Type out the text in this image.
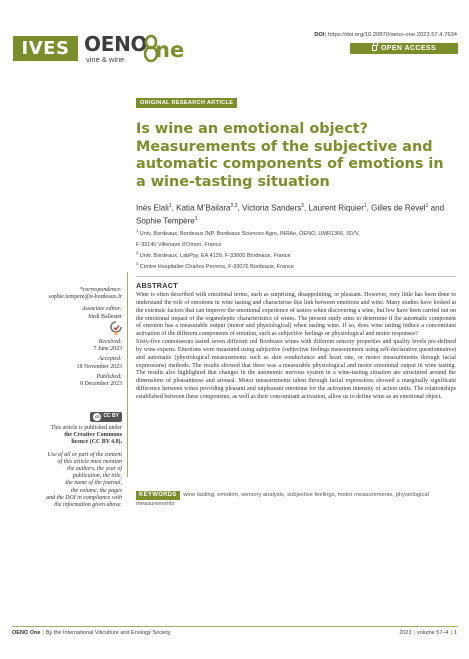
IVES OENO ne
vine & wine
DOI: https://doi.org/10.20870/oeno-one.2023.57.4.7634
OPEN ACCESS
ORIGINAL RESEARCH ARTICLE
Is wine an emotional object? Measurements of the subjective and automatic components of emotions in a wine-tasting situation
Inès Elali$^1$, Katia M’Bailara$^{2,3}$, Victoria Sanders$^2$, Laurent Riquier$^1$, Gilles de Revel$^1$ and Sophie Tempère$^1$
$^1$ Univ. Bordeaux, Bordeaux INP, Bordeaux Sciences Agro, INRAe, OENO, UMR1366, ISVV,
F-33140 Villenave d’Ornon, France
$^2$ Univ. Bordeaux, LabPsy, EA 4139, F-33000 Bordeaux, France
$^3$ Centre Hospitalier Charles Perrens, F-33076 Bordeaux, France
*correspondence:
sophie.tempere@u-bordeaux.fr
Associate editor:
Jordi Ballester
Received:
7 June 2023
Accepted:
18 November 2023
Published:
8 December 2023
cc CC BY
This article is published under
the Creative Commons
licence (CC BY 4.0).
Use of all or part of the content
of this article must mention
the authors, the year of
publication, the title,
the name of the journal,
the volume, the pages
and the DOI in compliance with
the information given above.
ABSTRACT

Wine is often described with emotional terms, such as surprising, disappointing, or pleasant. However, very little has been done to understand the role of emotions in wine tasting and characterise this link between emotions and wine. Many studies have looked at the extrinsic factors that can improve the emotional experience of tasters when discovering a wine, but few have been carried out on the emotional impact of the organoleptic characteristics of wines. The present study aims to determine if the automatic component of emotion has a measurable output (motor and physiological) when tasting wine. If so, does wine tasting induce a concomitant activation of the different components of emotion, such as subjective feelings or physiological and motor responses?

Sixty-five connoisseurs tasted seven different red Bordeaux wines with different sensory properties and quality levels pre-defined by wine experts. Emotions were measured using subjective (subjective feelings measurement using self-declarative questionnaires) and automatic (physiological measurements such as skin conductance and heart rate, or motor measurements through facial expressions) methods. The results showed that there was a measurable physiological and motor emotional output in wine tasting. The results also highlighted that changes in the autonomic nervous system in a wine-tasting situation are structured around the dimensions of pleasantness and arousal. Motor measurements taken through facial expressions showed a marginally significant difference between wines providing pleasant and unpleasant emotions for the activation intensity of action units. The relationships established between these components, as well as their concomitant activation, allow us to define wine as an emotional object.

KEYWORDS wine tasting, emotion, sensory analysis, subjective feelings, motor measurements, physiological measurements
OENO One | By the International Viticulture and Enology Society	2023 | volume 57–4 | 1
